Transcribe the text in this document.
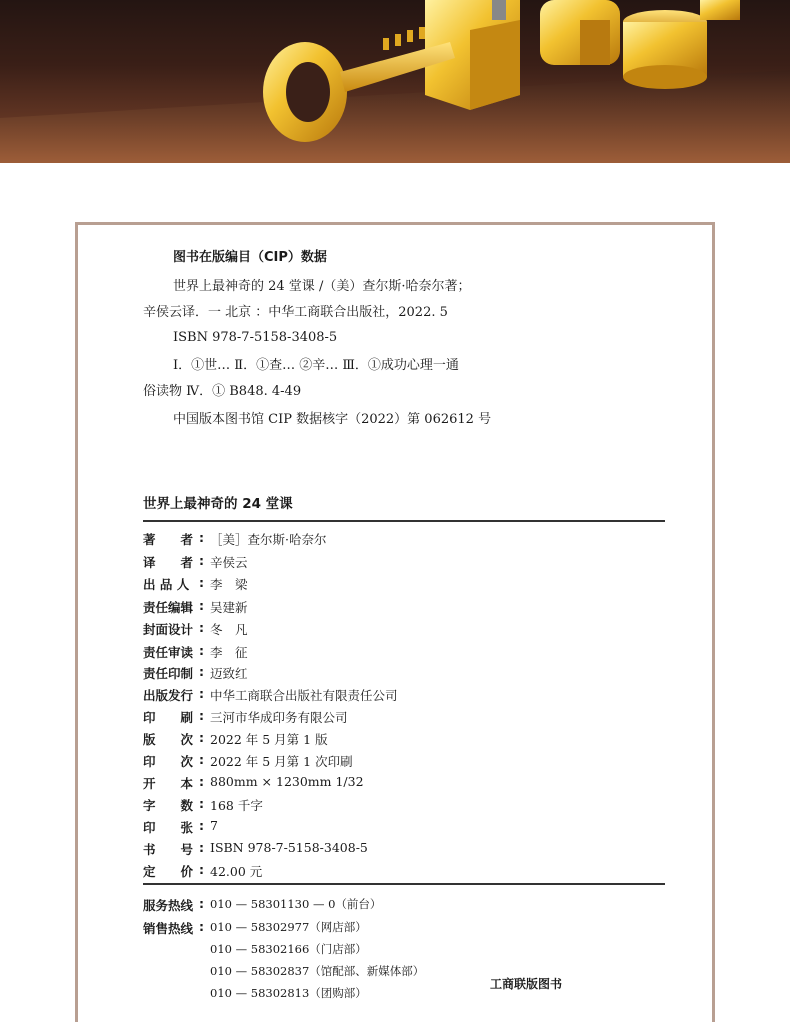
图书在版编目（CIP）数据
世界上最神奇的 24 堂课 /（美）查尔斯·哈奈尔著；
辛侯云译．一 北京 ：中华工商联合出版社，2022. 5
ISBN 978-7-5158-3408-5
Ⅰ．①世… Ⅱ．①查… ②辛… Ⅲ．①成功心理一通
俗读物 Ⅳ．① B848. 4-49
中国版本图书馆 CIP 数据核字（2022）第 062612 号
世界上最神奇的 24 堂课
著　　者 : ［美］查尔斯·哈奈尔
译　　者 : 辛侯云
出 品 人 : 李　梁
责任编辑 : 吴建新
封面设计 : 冬　凡
责任审读 : 李　征
责任印制 : 迈致红
出版发行 : 中华工商联合出版社有限责任公司
印　　刷 : 三河市华成印务有限公司
版　　次 : 2022 年 5 月第 1 版
印　　次 : 2022 年 5 月第 1 次印刷
开　　本 : 880mm × 1230mm 1/32
字　　数 : 168 千字
印　　张 : 7
书　　号 : ISBN 978-7-5158-3408-5
定　　价 : 42.00 元
服务热线 : 010 — 58301130 — 0（前台）
销售热线 : 010 — 58302977（网店部）
010 — 58302166（门店部）
010 — 58302837（馆配部、新媒体部）
010 — 58302813（团购部）
工商联版图书
